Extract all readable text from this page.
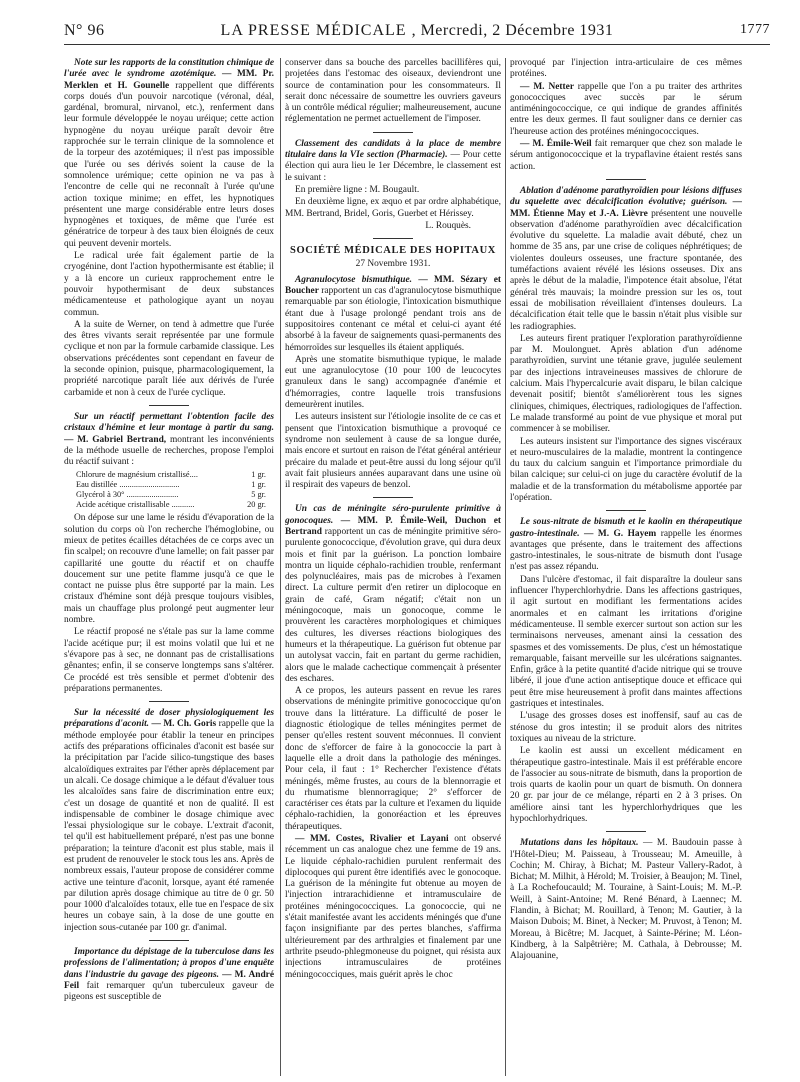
N° 96	LA PRESSE MÉDICALE , Mercredi, 2 Décembre 1931	1777

Note sur les rapports de la constitution chimique de l'urée avec le syndrome azotémique. — MM. Pr. Merklen et H. Gounelle rappellent que différents corps doués d'un pouvoir narcotique (véronal, déal, gardénal, bromural, nirvanol, etc.), renferment dans leur formule développée le noyau uréique; cette action hypnogène du noyau uréique paraît devoir être rapprochée sur le terrain clinique de la somnolence et de la torpeur des azotémiques; il n'est pas impossible que l'urée ou ses dérivés soient la cause de la somnolence urémique; cette opinion ne va pas à l'encontre de celle qui ne reconnaît à l'urée qu'une action toxique minime; en effet, les hypnotiques présentent une marge considérable entre leurs doses hypnogènes et toxiques, de même que l'urée est génératrice de torpeur à des taux bien éloignés de ceux qui peuvent devenir mortels.

Le radical urée fait également partie de la cryogénine, dont l'action hypothermisante est établie; il y a là encore un curieux rapprochement entre le pouvoir hypothermisant de deux substances médicamenteuse et pathologique ayant un noyau commun.

A la suite de Werner, on tend à admettre que l'urée des êtres vivants serait représentée par une formule cyclique et non par la formule carbamide classique. Les observations précédentes sont cependant en faveur de la seconde opinion, puisque, pharmacologiquement, la propriété narcotique paraît liée aux dérivés de l'urée carbamide et non à ceux de l'urée cyclique.

Sur un réactif permettant l'obtention facile des cristaux d'hémine et leur montage à partir du sang. — M. Gabriel Bertrand, montrant les inconvénients de la méthode usuelle de recherches, propose l'emploi du réactif suivant :

Chlorure de magnésium cristallisé....	1 gr.
Eau distillée .............................	1 gr.
Glycérol à 30° .........................	5 gr.
Acide acétique cristallisable ...........	20 gr.

On dépose sur une lame le résidu d'évaporation de la solution du corps où l'on recherche l'hémoglobine, ou mieux de petites écailles détachées de ce corps avec un fin scalpel; on recouvre d'une lamelle; on fait passer par capillarité une goutte du réactif et on chauffe doucement sur une petite flamme jusqu'à ce que le contact ne puisse plus être supporté par la main. Les cristaux d'hémine sont déjà presque toujours visibles, mais un chauffage plus prolongé peut augmenter leur nombre.

Le réactif proposé ne s'étale pas sur la lame comme l'acide acétique pur; il est moins volatil que lui et ne s'évapore pas à sec, ne donnant pas de cristallisations gênantes; enfin, il se conserve longtemps sans s'altérer. Ce procédé est très sensible et permet d'obtenir des préparations permanentes.

Sur la nécessité de doser physiologiquement les préparations d'aconit. — M. Ch. Goris rappelle que la méthode employée pour établir la teneur en principes actifs des préparations officinales d'aconit est basée sur la précipitation par l'acide silico-tungstique des bases alcaloïdiques extraites par l'éther après déplacement par un alcali. Ce dosage chimique a le défaut d'évaluer tous les alcaloïdes sans faire de discrimination entre eux; c'est un dosage de quantité et non de qualité. Il est indispensable de combiner le dosage chimique avec l'essai physiologique sur le cobaye. L'extrait d'aconit, tel qu'il est habituellement préparé, n'est pas une bonne préparation; la teinture d'aconit est plus stable, mais il est prudent de renouveler le stock tous les ans. Après de nombreux essais, l'auteur propose de considérer comme active une teinture d'aconit, lorsque, ayant été ramenée par dilution après dosage chimique au titre de 0 gr. 50 pour 1000 d'alcaloïdes totaux, elle tue en l'espace de six heures un cobaye sain, à la dose de une goutte en injection sous-cutanée par 100 gr. d'animal.

Importance du dépistage de la tuberculose dans les professions de l'alimentation; à propos d'une enquête dans l'industrie du gavage des pigeons. — M. André Feil fait remarquer qu'un tuberculeux gaveur de pigeons est susceptible de

conserver dans sa bouche des parcelles bacillifères qui, projetées dans l'estomac des oiseaux, deviendront une source de contamination pour les consommateurs. Il serait donc nécessaire de soumettre les ouvriers gaveurs à un contrôle médical régulier; malheureusement, aucune réglementation ne permet actuellement de l'imposer.

Classement des candidats à la place de membre titulaire dans la VIe section (Pharmacie). — Pour cette élection qui aura lieu le 1er Décembre, le classement est le suivant :

En première ligne : M. Bougault.

En deuxième ligne, ex æquo et par ordre alphabétique, MM. Bertrand, Bridel, Goris, Guerbet et Hérissey.

L. Rouquès.

SOCIÉTÉ MÉDICALE DES HOPITAUX
27 Novembre 1931.

Agranulocytose bismuthique. — MM. Sézary et Boucher rapportent un cas d'agranulocytose bismuthique remarquable par son étiologie, l'intoxication bismuthique étant due à l'usage prolongé pendant trois ans de suppositoires contenant ce métal et celui-ci ayant été absorbé à la faveur de saignements quasi-permanents des hémorroïdes sur lesquelles ils étaient appliqués.

Après une stomatite bismuthique typique, le malade eut une agranulocytose (10 pour 100 de leucocytes granuleux dans le sang) accompagnée d'anémie et d'hémorragies, contre laquelle trois transfusions demeurèrent inutiles.

Les auteurs insistent sur l'étiologie insolite de ce cas et pensent que l'intoxication bismuthique a provoqué ce syndrome non seulement à cause de sa longue durée, mais encore et surtout en raison de l'état général antérieur précaire du malade et peut-être aussi du long séjour qu'il avait fait plusieurs années auparavant dans une usine où il respirait des vapeurs de benzol.

Un cas de méningite séro-purulente primitive à gonocoques. — MM. P. Émile-Weil, Duchon et Bertrand rapportent un cas de méningite primitive séro-purulente gonococcique, d'évolution grave, qui dura deux mois et finit par la guérison. La ponction lombaire montra un liquide céphalo-rachidien trouble, renfermant des polynucléaires, mais pas de microbes à l'examen direct. La culture permit d'en retirer un diplocoque en grain de café, Gram négatif; c'était non un méningocoque, mais un gonocoque, comme le prouvèrent les caractères morphologiques et chimiques des cultures, les diverses réactions biologiques des humeurs et la thérapeutique. La guérison fut obtenue par un autolysat vaccin, fait en partant du germe rachidien, alors que le malade cachectique commençait à présenter des eschares.

A ce propos, les auteurs passent en revue les rares observations de méningite primitive gonococcique qu'on trouve dans la littérature. La difficulté de poser le diagnostic étiologique de telles méningites permet de penser qu'elles restent souvent méconnues. Il convient donc de s'efforcer de faire à la gonococcie la part à laquelle elle a droit dans la pathologie des méninges. Pour cela, il faut : 1° Rechercher l'existence d'états méningés, même frustes, au cours de la blennorragie et du rhumatisme blennorragique; 2° s'efforcer de caractériser ces états par la culture et l'examen du liquide céphalo-rachidien, la gonoréaction et les épreuves thérapeutiques.

— MM. Costes, Rivalier et Layani ont observé récemment un cas analogue chez une femme de 19 ans. Le liquide céphalo-rachidien purulent renfermait des diplocoques qui purent être identifiés avec le gonocoque. La guérison de la méningite fut obtenue au moyen de l'injection intrarachidienne et intramusculaire de protéines méningococciques. La gonococcie, qui ne s'était manifestée avant les accidents méningés que d'une façon insignifiante par des pertes blanches, s'affirma ultérieurement par des arthralgies et finalement par une arthrite pseudo-phlegmoneuse du poignet, qui résista aux injections intramusculaires de protéines méningococciques, mais guérit après le choc

provoqué par l'injection intra-articulaire de ces mêmes protéines.

— M. Netter rappelle que l'on a pu traiter des arthrites gonococciques avec succès par le sérum antiméningococcique, ce qui indique de grandes affinités entre les deux germes. Il faut souligner dans ce dernier cas l'heureuse action des protéines méningococciques.

— M. Émile-Weil fait remarquer que chez son malade le sérum antigonococcique et la trypaflavine étaient restés sans action.

Ablation d'adénome parathyroïdien pour lésions diffuses du squelette avec décalcification évolutive; guérison. — MM. Étienne May et J.-A. Lièvre présentent une nouvelle observation d'adénome parathyroïdien avec décalcification évolutive du squelette. La maladie avait débuté, chez un homme de 35 ans, par une crise de coliques néphrétiques; de violentes douleurs osseuses, une fracture spontanée, des tuméfactions avaient révélé les lésions osseuses. Dix ans après le début de la maladie, l'impotence était absolue, l'état général très mauvais; la moindre pression sur les os, tout essai de mobilisation réveillaient d'intenses douleurs. La décalcification était telle que le bassin n'était plus visible sur les radiographies.

Les auteurs firent pratiquer l'exploration parathyroïdienne par M. Moulonguet. Après ablation d'un adénome parathyroïdien, survint une tétanie grave, jugulée seulement par des injections intraveineuses massives de chlorure de calcium. Mais l'hypercalcurie avait disparu, le bilan calcique devenait positif; bientôt s'améliorèrent tous les signes cliniques, chimiques, électriques, radiologiques de l'affection. Le malade transformé au point de vue physique et moral put commencer à se mobiliser.

Les auteurs insistent sur l'importance des signes viscéraux et neuro-musculaires de la maladie, montrent la contingence du taux du calcium sanguin et l'importance primordiale du bilan calcique; sur celui-ci on juge du caractère évolutif de la maladie et de la transformation du métabolisme apportée par l'opération.

Le sous-nitrate de bismuth et le kaolin en thérapeutique gastro-intestinale. — M. G. Hayem rappelle les énormes avantages que présente, dans le traitement des affections gastro-intestinales, le sous-nitrate de bismuth dont l'usage n'est pas assez répandu.

Dans l'ulcère d'estomac, il fait disparaître la douleur sans influencer l'hyperchlorhydrie. Dans les affections gastriques, il agit surtout en modifiant les fermentations acides anormales et en calmant les irritations d'origine médicamenteuse. Il semble exercer surtout son action sur les terminaisons nerveuses, amenant ainsi la cessation des spasmes et des vomissements. De plus, c'est un hémostatique remarquable, faisant merveille sur les ulcérations saignantes. Enfin, grâce à la petite quantité d'acide nitrique qui se trouve libéré, il joue d'une action antiseptique douce et efficace qui peut être mise heureusement à profit dans maintes affections gastriques et intestinales.

L'usage des grosses doses est inoffensif, sauf au cas de sténose du gros intestin; il se produit alors des nitrites toxiques au niveau de la stricture.

Le kaolin est aussi un excellent médicament en thérapeutique gastro-intestinale. Mais il est préférable encore de l'associer au sous-nitrate de bismuth, dans la proportion de trois quarts de kaolin pour un quart de bismuth. On donnera 20 gr. par jour de ce mélange, réparti en 2 à 3 prises. On améliore ainsi tant les hyperchlorhydriques que les hypochlorhydriques.

Mutations dans les hôpitaux. — M. Baudouin passe à l'Hôtel-Dieu; M. Paisseau, à Trousseau; M. Ameuille, à Cochin; M. Chiray, à Bichat; M. Pasteur Vallery-Radot, à Bichat; M. Milhit, à Hérold; M. Troisier, à Beaujon; M. Tinel, à La Rochefoucauld; M. Touraine, à Saint-Louis; M. M.-P. Weill, à Saint-Antoine; M. René Bénard, à Laennec; M. Flandin, à Bichat; M. Rouillard, à Tenon; M. Gautier, à la Maison Dubois; M. Binet, à Necker; M. Pruvost, à Tenon; M. Moreau, à Bicêtre; M. Jacquet, à Sainte-Périne; M. Léon-Kindberg, à la Salpêtrière; M. Cathala, à Debrousse; M. Alajouanine,
